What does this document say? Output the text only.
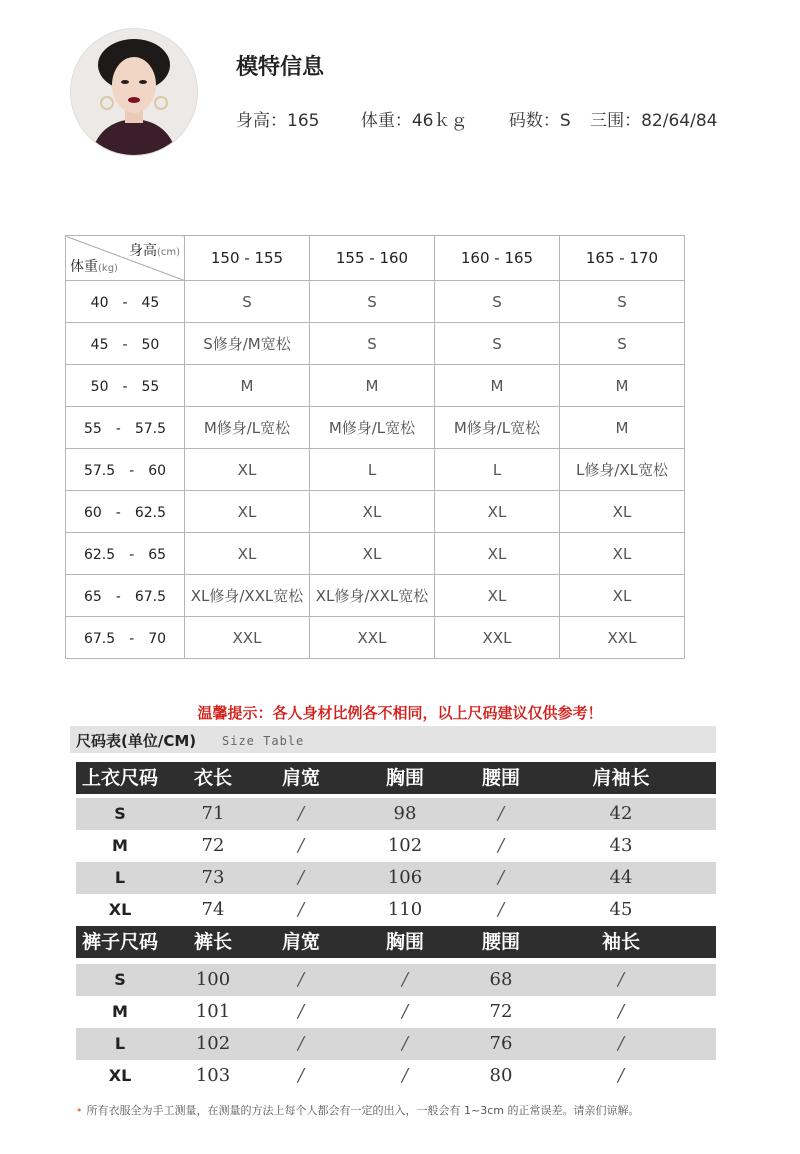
模特信息
身高：165 体重：46ｋｇ 码数：S 三围：82/64/84
身高(cm)
体重(kg)	150 - 155	155 - 160	160 - 165	165 - 170
40　-　45	S	S	S	S
45　-　50	S修身/M宽松	S	S	S
50　-　55	M	M	M	M
55　-　57.5	M修身/L宽松	M修身/L宽松	M修身/L宽松	M
57.5　-　60	XL	L	L	L修身/XL宽松
60　-　62.5	XL	XL	XL	XL
62.5　-　65	XL	XL	XL	XL
65　-　67.5	XL修身/XXL宽松	XL修身/XXL宽松	XL	XL
67.5　-　70	XXL	XXL	XXL	XXL
温馨提示：各人身材比例各不相同，以上尺码建议仅供参考！
尺码表(单位/CM) Size Table
上衣尺码 衣长	肩宽	胸围	腰围	肩袖长
S	71	/	98	/	42
M	72	/	102	/	43
L	73	/	106	/	44
XL	74	/	110	/	45
裤子尺码 裤长	肩宽	胸围	腰围	袖长
S	100	/	/	68	/
M	101	/	/	72	/
L	102	/	/	76	/
XL	103	/	/	80	/
• 所有衣服全为手工测量，在测量的方法上每个人都会有一定的出入，一般会有 1~3cm 的正常误差。请亲们谅解。
